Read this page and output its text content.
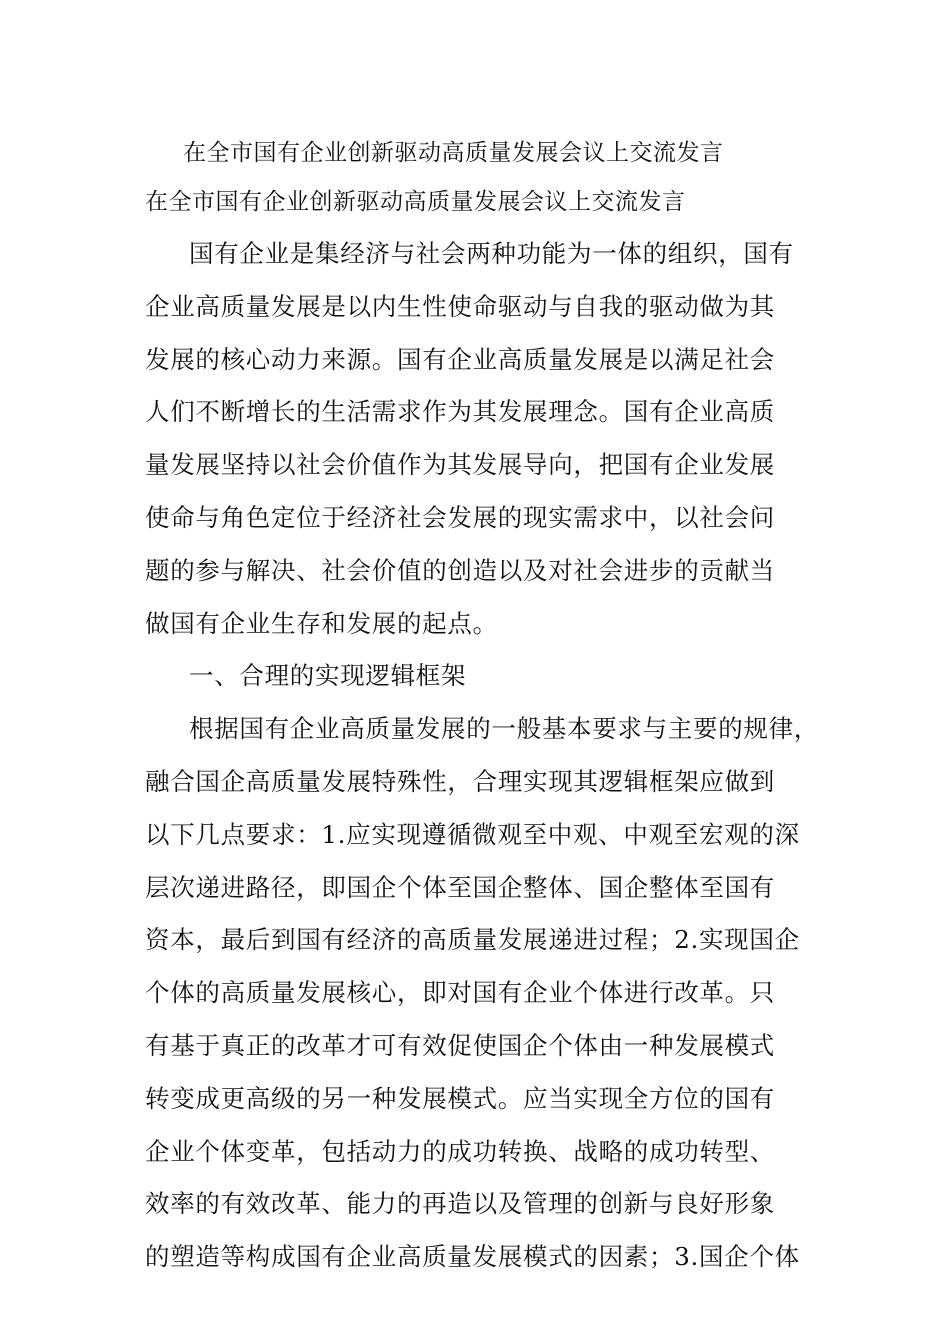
在全市国有企业创新驱动高质量发展会议上交流发言
在全市国有企业创新驱动高质量发展会议上交流发言
国有企业是集经济与社会两种功能为一体的组织，国有
企业高质量发展是以内生性使命驱动与自我的驱动做为其
发展的核心动力来源。国有企业高质量发展是以满足社会
人们不断增长的生活需求作为其发展理念。国有企业高质
量发展坚持以社会价值作为其发展导向，把国有企业发展
使命与角色定位于经济社会发展的现实需求中，以社会问
题的参与解决、社会价值的创造以及对社会进步的贡献当
做国有企业生存和发展的起点。
一、合理的实现逻辑框架
根据国有企业高质量发展的一般基本要求与主要的规律，
融合国企高质量发展特殊性，合理实现其逻辑框架应做到
以下几点要求：1.应实现遵循微观至中观、中观至宏观的深
层次递进路径，即国企个体至国企整体、国企整体至国有
资本，最后到国有经济的高质量发展递进过程；2.实现国企
个体的高质量发展核心，即对国有企业个体进行改革。只
有基于真正的改革才可有效促使国企个体由一种发展模式
转变成更高级的另一种发展模式。应当实现全方位的国有
企业个体变革，包括动力的成功转换、战略的成功转型、
效率的有效改革、能力的再造以及管理的创新与良好形象
的塑造等构成国有企业高质量发展模式的因素；3.国企个体
